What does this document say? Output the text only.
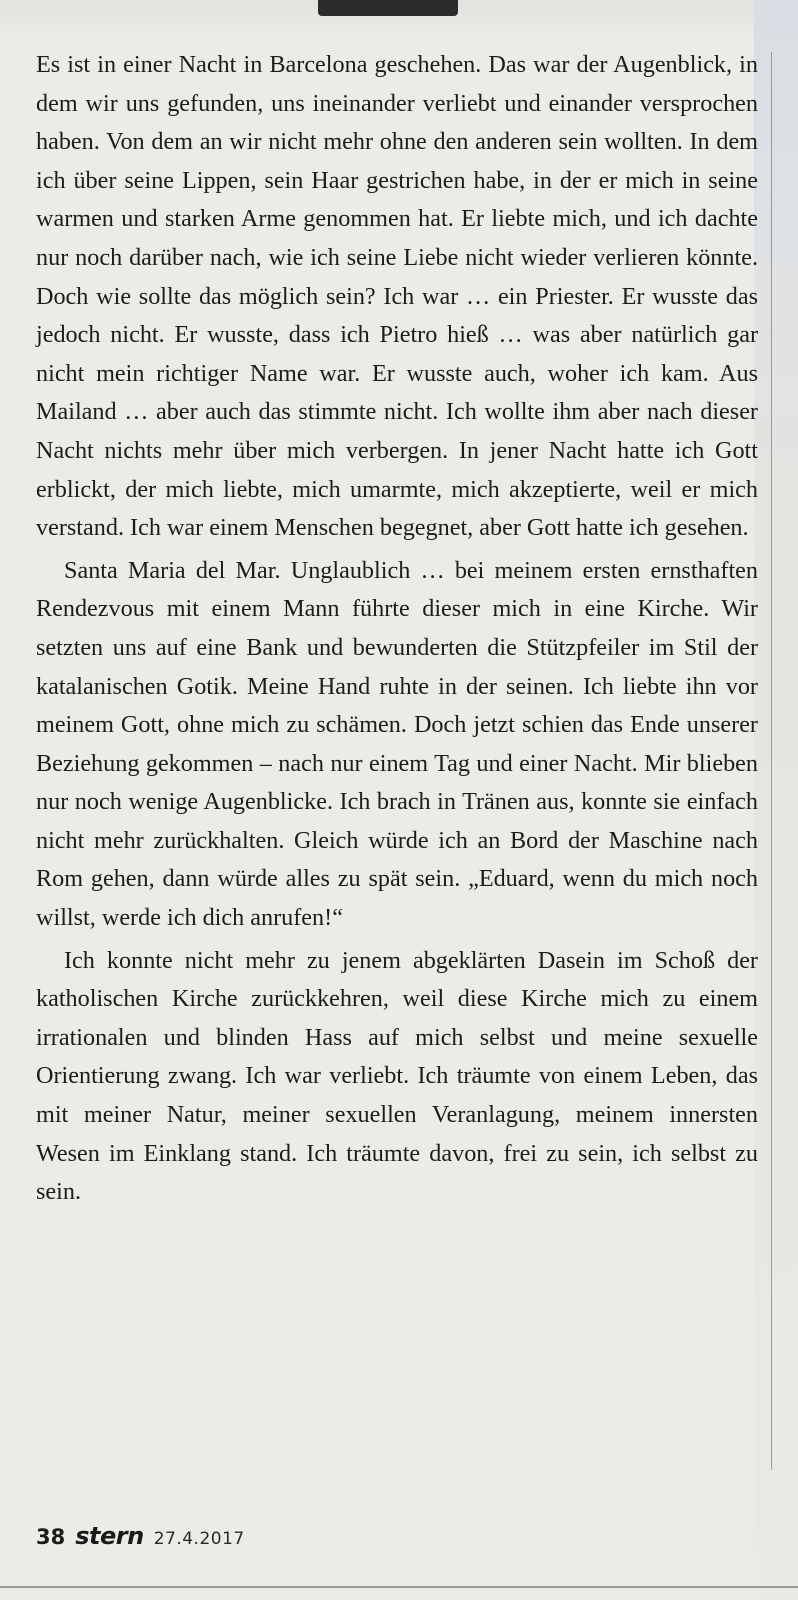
Es ist in einer Nacht in Barcelona geschehen. Das war der Augenblick, in dem wir uns gefunden, uns ineinander verliebt und einander versprochen haben. Von dem an wir nicht mehr ohne den anderen sein wollten. In dem ich über seine Lippen, sein Haar gestrichen habe, in der er mich in seine warmen und starken Arme genommen hat. Er liebte mich, und ich dachte nur noch darüber nach, wie ich seine Liebe nicht wieder verlieren könnte. Doch wie sollte das möglich sein? Ich war … ein Priester. Er wusste das jedoch nicht. Er wusste, dass ich Pietro hieß … was aber natürlich gar nicht mein richtiger Name war. Er wusste auch, woher ich kam. Aus Mailand … aber auch das stimmte nicht. Ich wollte ihm aber nach dieser Nacht nichts mehr über mich verbergen. In jener Nacht hatte ich Gott erblickt, der mich liebte, mich umarmte, mich akzeptierte, weil er mich verstand. Ich war einem Menschen begegnet, aber Gott hatte ich gesehen.

Santa Maria del Mar. Unglaublich … bei meinem ersten ernsthaften Rendezvous mit einem Mann führte dieser mich in eine Kirche. Wir setzten uns auf eine Bank und bewunderten die Stützpfeiler im Stil der katalanischen Gotik. Meine Hand ruhte in der seinen. Ich liebte ihn vor meinem Gott, ohne mich zu schämen. Doch jetzt schien das Ende unserer Beziehung gekommen – nach nur einem Tag und einer Nacht. Mir blieben nur noch wenige Augenblicke. Ich brach in Tränen aus, konnte sie einfach nicht mehr zurückhalten. Gleich würde ich an Bord der Maschine nach Rom gehen, dann würde alles zu spät sein. „Eduard, wenn du mich noch willst, werde ich dich anrufen!“

Ich konnte nicht mehr zu jenem abgeklärten Dasein im Schoß der katholischen Kirche zurückkehren, weil diese Kirche mich zu einem irrationalen und blinden Hass auf mich selbst und meine sexuelle Orientierung zwang. Ich war verliebt. Ich träumte von einem Leben, das mit meiner Natur, meiner sexuellen Veranlagung, meinem innersten Wesen im Einklang stand. Ich träumte davon, frei zu sein, ich selbst zu sein.

38 stern 27.4.2017
